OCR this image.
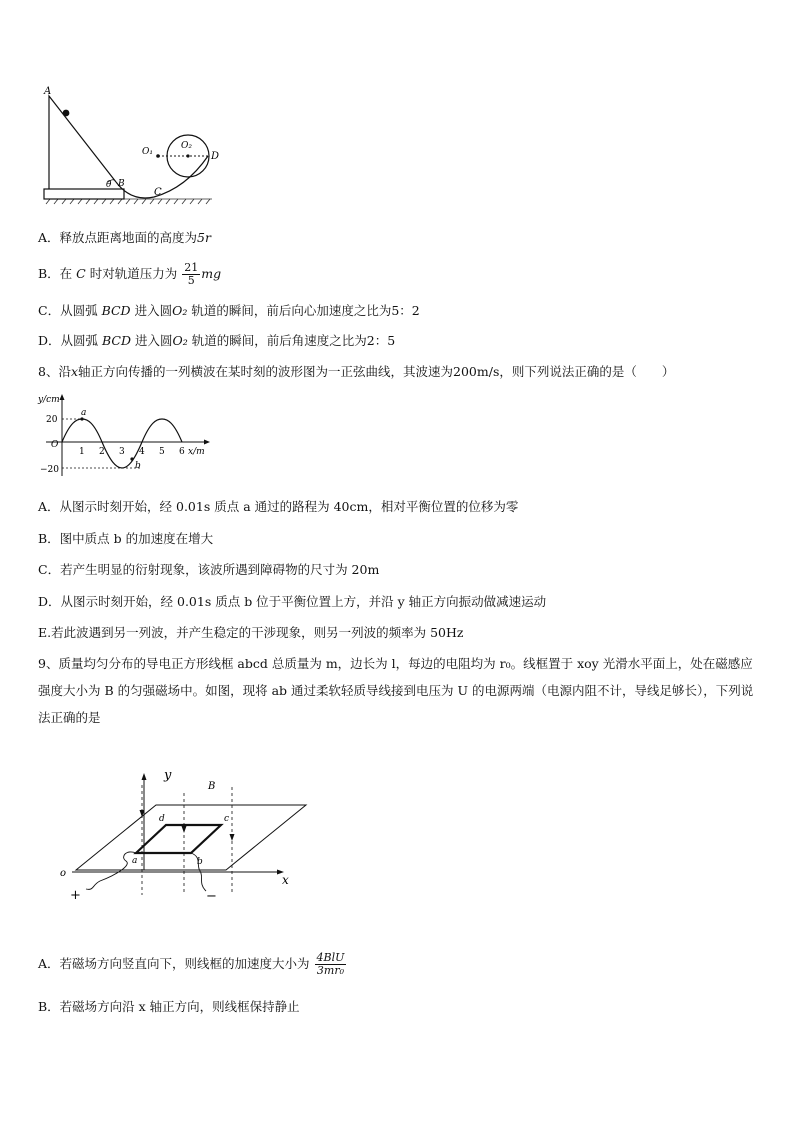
A
O₁
O₂
D
θ B
C
A．释放点距离地面的高度为5r
B．在 C 时对轨道压力为 $\frac{21}{5}$ mg
C．从圆弧 BCD 进入圆O₂ 轨道的瞬间，前后向心加速度之比为5：2
D．从圆弧 BCD 进入圆O₂ 轨道的瞬间，前后角速度之比为2：5
8、沿x轴正方向传播的一列横波在某时刻的波形图为一正弦曲线，其波速为200m/s，则下列说法正确的是（　　）
y/cm
20
−20
O
1 2 3 4 5 6 x/m
a
b
A．从图示时刻开始，经 0.01s 质点 a 通过的路程为 40cm，相对平衡位置的位移为零
B．图中质点 b 的加速度在增大
C．若产生明显的衍射现象，该波所遇到障碍物的尺寸为 20m
D．从图示时刻开始，经 0.01s 质点 b 位于平衡位置上方，并沿 y 轴正方向振动做减速运动
E.若此波遇到另一列波，并产生稳定的干涉现象，则另一列波的频率为 50Hz
9、质量均匀分布的导电正方形线框 abcd 总质量为 m，边长为 l，每边的电阻均为 r₀。线框置于 xoy 光滑水平面上，处在磁感应强度大小为 B 的匀强磁场中。如图，现将 ab 通过柔软轻质导线接到电压为 U 的电源两端（电源内阻不计，导线足够长），下列说法正确的是
y
B
d	c
a	b
o	x
+	−
A．若磁场方向竖直向下，则线框的加速度大小为 $\frac{\text{4BlU}}{\text{3mr₀}}$
B．若磁场方向沿 x 轴正方向，则线框保持静止
